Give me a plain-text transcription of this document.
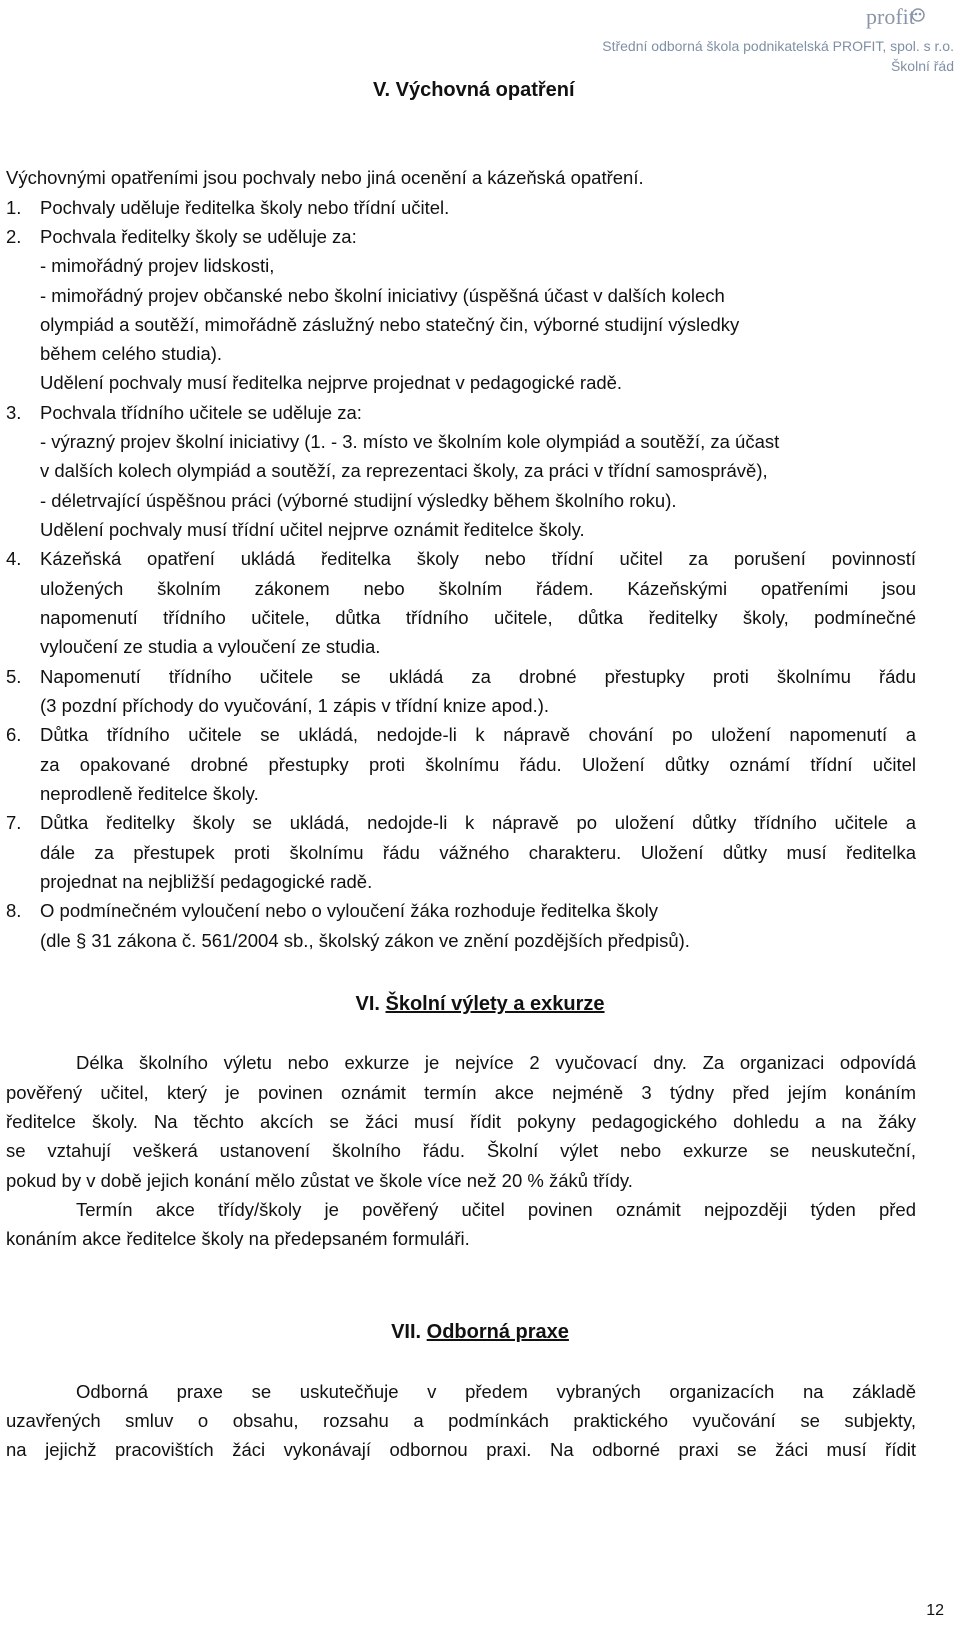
profit
Střední odborná škola podnikatelská PROFIT, spol. s r.o.
Školní řád
V. Výchovná opatření
Výchovnými opatřeními jsou pochvaly nebo jiná ocenění a kázeňská opatření.
1. Pochvaly uděluje ředitelka školy nebo třídní učitel.
2. Pochvala ředitelky školy se uděluje za:
- mimořádný projev lidskosti,
- mimořádný projev občanské nebo školní iniciativy (úspěšná účast v dalších kolech
olympiád a soutěží, mimořádně záslužný nebo statečný čin, výborné studijní výsledky
během celého studia).
Udělení pochvaly musí ředitelka nejprve projednat v pedagogické radě.
3. Pochvala třídního učitele se uděluje za:
- výrazný projev školní iniciativy (1. - 3. místo ve školním kole olympiád a soutěží, za účast
v dalších kolech olympiád a soutěží, za reprezentaci školy, za práci v třídní samosprávě),
- déletrvající úspěšnou práci (výborné studijní výsledky během školního roku).
Udělení pochvaly musí třídní učitel nejprve oznámit ředitelce školy.
4. Kázeňská opatření ukládá ředitelka školy nebo třídní učitel za porušení povinností
uložených školním zákonem nebo školním řádem. Kázeňskými opatřeními jsou
napomenutí třídního učitele, důtka třídního učitele, důtka ředitelky školy, podmínečné
vyloučení ze studia a vyloučení ze studia.
5. Napomenutí třídního učitele se ukládá za drobné přestupky proti školnímu řádu
(3 pozdní příchody do vyučování, 1 zápis v třídní knize apod.).
6. Důtka třídního učitele se ukládá, nedojde-li k nápravě chování po uložení napomenutí a
za opakované drobné přestupky proti školnímu řádu. Uložení důtky oznámí třídní učitel
neprodleně ředitelce školy.
7. Důtka ředitelky školy se ukládá, nedojde-li k nápravě po uložení důtky třídního učitele a
dále za přestupek proti školnímu řádu vážného charakteru. Uložení důtky musí ředitelka
projednat na nejbližší pedagogické radě.
8. O podmínečném vyloučení nebo o vyloučení žáka rozhoduje ředitelka školy
(dle § 31 zákona č. 561/2004 sb., školský zákon ve znění pozdějších předpisů).
VI. Školní výlety a exkurze
Délka školního výletu nebo exkurze je nejvíce 2 vyučovací dny. Za organizaci odpovídá
pověřený učitel, který je povinen oznámit termín akce nejméně 3 týdny před jejím konáním
ředitelce školy. Na těchto akcích se žáci musí řídit pokyny pedagogického dohledu a na žáky
se vztahují veškerá ustanovení školního řádu. Školní výlet nebo exkurze se neuskuteční,
pokud by v době jejich konání mělo zůstat ve škole více než 20 % žáků třídy.
Termín akce třídy/školy je pověřený učitel povinen oznámit nejpozději týden před
konáním akce ředitelce školy na předepsaném formuláři.
VII. Odborná praxe
Odborná praxe se uskutečňuje v předem vybraných organizacích na základě
uzavřených smluv o obsahu, rozsahu a podmínkách praktického vyučování se subjekty,
na jejichž pracovištích žáci vykonávají odbornou praxi. Na odborné praxi se žáci musí řídit
12
